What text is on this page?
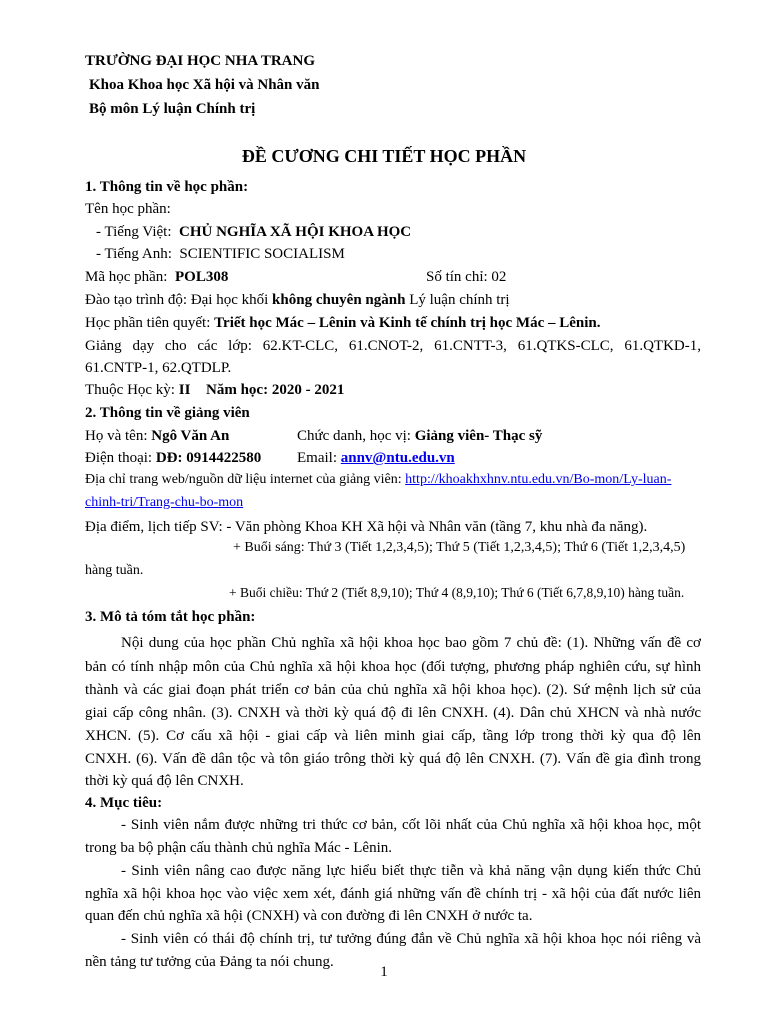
TRƯỜNG ĐẠI HỌC NHA TRANG
Khoa Khoa học Xã hội và Nhân văn
Bộ môn Lý luận Chính trị
ĐỀ CƯƠNG CHI TIẾT HỌC PHẦN
1. Thông tin về học phần:
Tên học phần:
- Tiếng Việt: CHỦ NGHĨA XÃ HỘI KHOA HỌC
- Tiếng Anh: SCIENTIFIC SOCIALISM
Mã học phần: POL308	Số tín chỉ: 02
Đào tạo trình độ: Đại học khối không chuyên ngành Lý luận chính trị
Học phần tiên quyết: Triết học Mác – Lênin và Kinh tế chính trị học Mác – Lênin.
Giảng dạy cho các lớp: 62.KT-CLC, 61.CNOT-2, 61.CNTT-3, 61.QTKS-CLC, 61.QTKD-1,
61.CNTP-1, 62.QTDLP.
Thuộc Học kỳ: II Năm học: 2020 - 2021
2. Thông tin về giảng viên
Họ và tên: Ngô Văn An	Chức danh, học vị: Giảng viên- Thạc sỹ
Điện thoại: DĐ: 0914422580 Email: annv@ntu.edu.vn
Địa chỉ trang web/nguồn dữ liệu internet của giảng viên: http://khoakhxhnv.ntu.edu.vn/Bo-mon/Ly-luan-
chinh-tri/Trang-chu-bo-mon
Địa điểm, lịch tiếp SV: - Văn phòng Khoa KH Xã hội và Nhân văn (tầng 7, khu nhà đa năng).
+ Buổi sáng: Thứ 3 (Tiết 1,2,3,4,5); Thứ 5 (Tiết 1,2,3,4,5); Thứ 6 (Tiết 1,2,3,4,5)
hàng tuần.
+ Buổi chiều: Thứ 2 (Tiết 8,9,10); Thứ 4 (8,9,10); Thứ 6 (Tiết 6,7,8,9,10) hàng tuần.
3. Mô tả tóm tắt học phần:
Nội dung của học phần Chủ nghĩa xã hội khoa học bao gồm 7 chủ đề: (1). Những vấn đề cơ
bản có tính nhập môn của Chủ nghĩa xã hội khoa học (đối tượng, phương pháp nghiên cứu, sự hình
thành và các giai đoạn phát triển cơ bản của chủ nghĩa xã hội khoa học). (2). Sứ mệnh lịch sử của
giai cấp công nhân. (3). CNXH và thời kỳ quá độ đi lên CNXH. (4). Dân chủ XHCN và nhà nước
XHCN. (5). Cơ cấu xã hội - giai cấp và liên minh giai cấp, tầng lớp trong thời kỳ qua độ lên
CNXH. (6). Vấn đề dân tộc và tôn giáo trông thời kỳ quá độ lên CNXH. (7). Vấn đề gia đình trong
thời kỳ quá độ lên CNXH.
4. Mục tiêu:
- Sinh viên nắm được những tri thức cơ bản, cốt lõi nhất của Chủ nghĩa xã hội khoa học, một
trong ba bộ phận cấu thành chủ nghĩa Mác - Lênin.
- Sinh viên nâng cao được năng lực hiểu biết thực tiễn và khả năng vận dụng kiến thức Chủ
nghĩa xã hội khoa học vào việc xem xét, đánh giá những vấn đề chính trị - xã hội của đất nước liên
quan đến chủ nghĩa xã hội (CNXH) và con đường đi lên CNXH ở nước ta.
- Sinh viên có thái độ chính trị, tư tưởng đúng đắn về Chủ nghĩa xã hội khoa học nói riêng và
nền tảng tư tưởng của Đảng ta nói chung.
1
